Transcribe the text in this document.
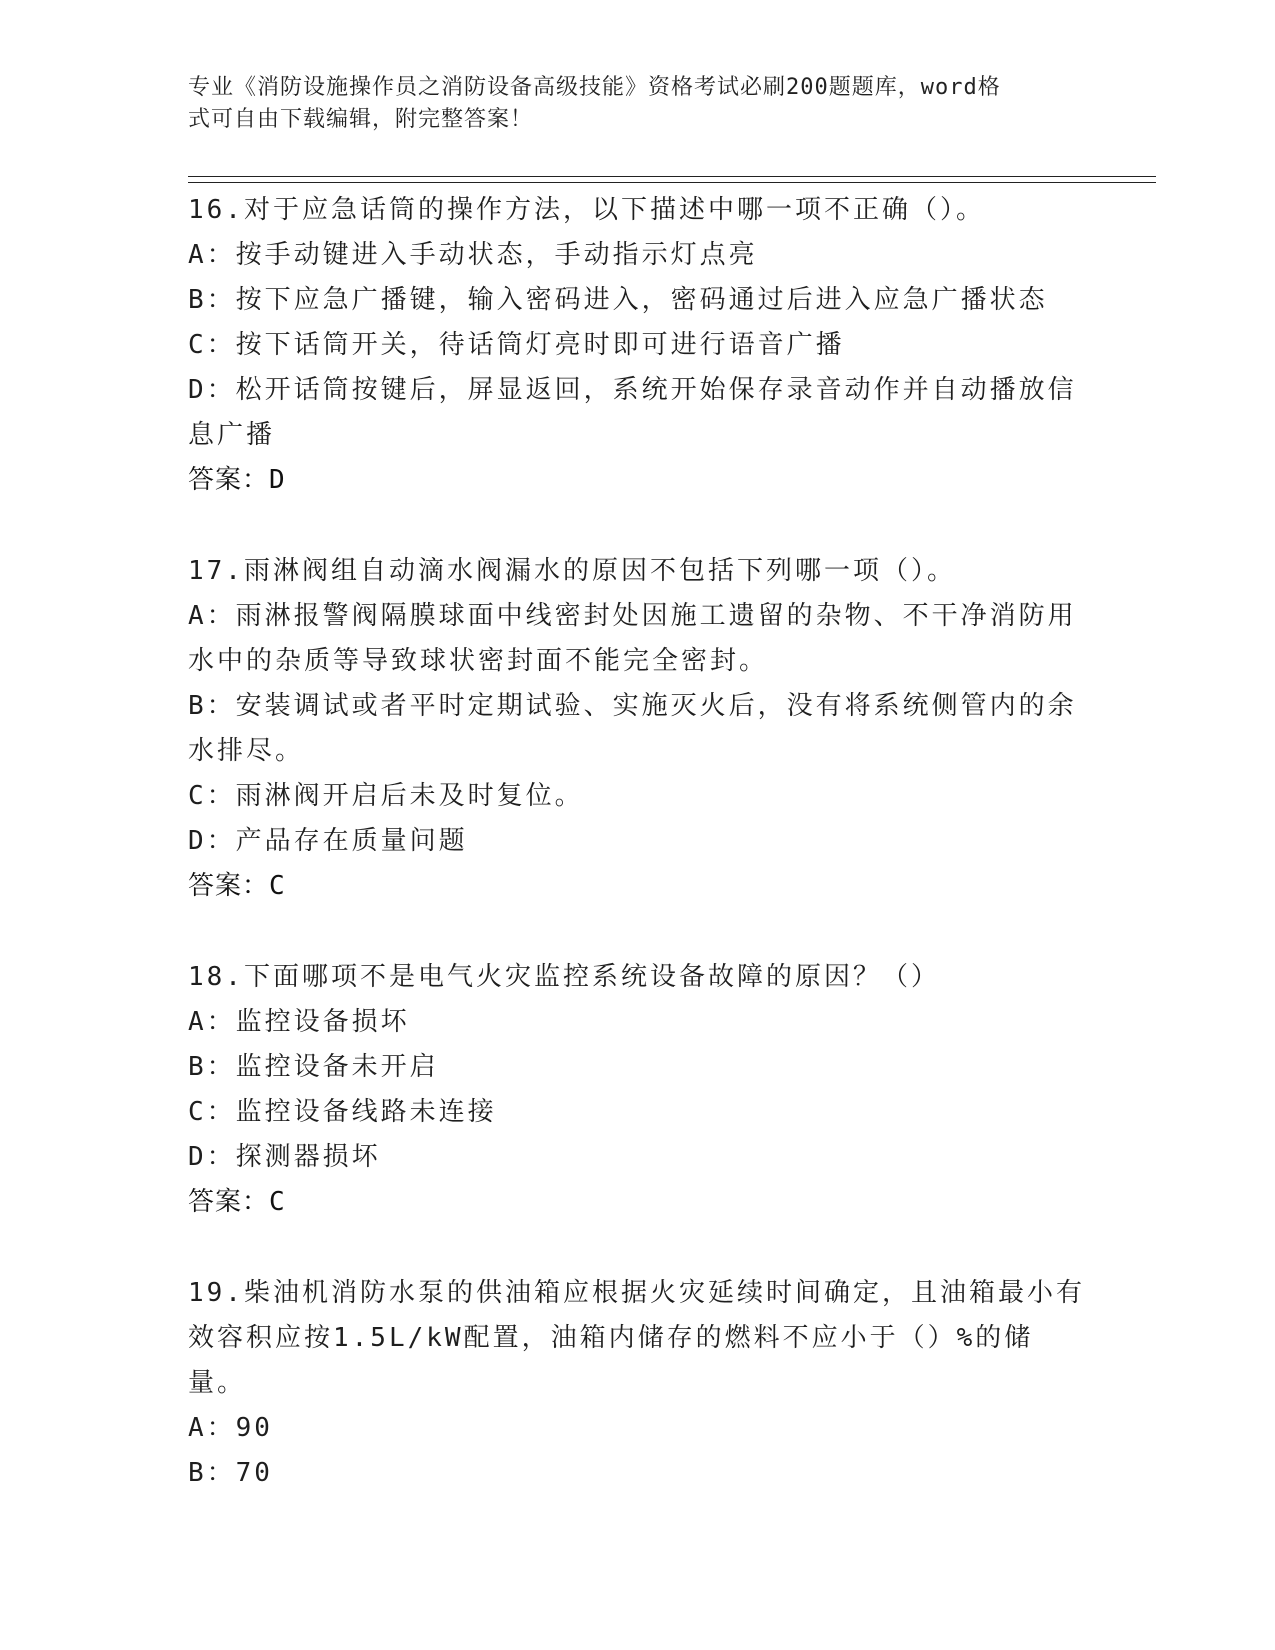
专业《消防设施操作员之消防设备高级技能》资格考试必刷200题题库，word格
式可自由下载编辑，附完整答案！
16.对于应急话筒的操作方法，以下描述中哪一项不正确（）。
A：按手动键进入手动状态，手动指示灯点亮
B：按下应急广播键，输入密码进入，密码通过后进入应急广播状态
C：按下话筒开关，待话筒灯亮时即可进行语音广播
D：松开话筒按键后，屏显返回，系统开始保存录音动作并自动播放信
息广播
答案：D
17.雨淋阀组自动滴水阀漏水的原因不包括下列哪一项（）。
A：雨淋报警阀隔膜球面中线密封处因施工遗留的杂物、不干净消防用
水中的杂质等导致球状密封面不能完全密封。
B：安装调试或者平时定期试验、实施灭火后，没有将系统侧管内的余
水排尽。
C：雨淋阀开启后未及时复位。
D：产品存在质量问题
答案：C
18.下面哪项不是电气火灾监控系统设备故障的原因？（）
A：监控设备损坏
B：监控设备未开启
C：监控设备线路未连接
D：探测器损坏
答案：C
19.柴油机消防水泵的供油箱应根据火灾延续时间确定，且油箱最小有
效容积应按1.5L/kW配置，油箱内储存的燃料不应小于（）%的储量。
A：90
B：70
